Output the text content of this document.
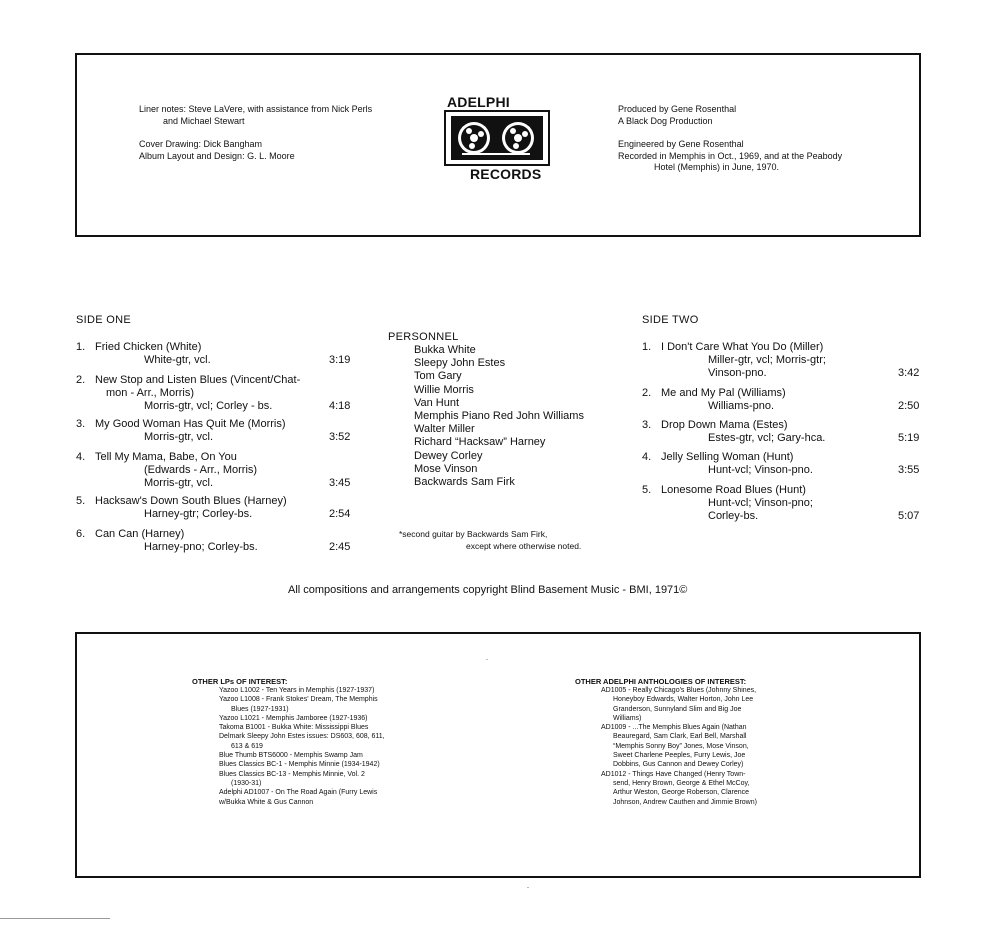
Liner notes: Steve LaVere, with assistance from Nick Perls
and Michael Stewart
Cover Drawing: Dick Bangham
Album Layout and Design: G. L. Moore
ADELPHI
RECORDS
Produced by Gene Rosenthal
A Black Dog Production
Engineered by Gene Rosenthal
Recorded in Memphis in Oct., 1969, and at the Peabody
Hotel (Memphis) in June, 1970.
SIDE ONE
1. Fried Chicken (White)
White-gtr, vcl.	3:19
2. New Stop and Listen Blues (Vincent/Chat-
mon - Arr., Morris)
Morris-gtr, vcl; Corley - bs.	4:18
3. My Good Woman Has Quit Me (Morris)
Morris-gtr, vcl.	3:52
4. Tell My Mama, Babe, On You
(Edwards - Arr., Morris)
Morris-gtr, vcl.	3:45
5. Hacksaw's Down South Blues (Harney)
Harney-gtr; Corley-bs.	2:54
6. Can Can (Harney)
Harney-pno; Corley-bs.	2:45
PERSONNEL
Bukka White
Sleepy John Estes
Tom Gary
Willie Morris
Van Hunt
Memphis Piano Red John Williams
Walter Miller
Richard “Hacksaw” Harney
Dewey Corley
Mose Vinson
Backwards Sam Firk
*second guitar by Backwards Sam Firk,
except where otherwise noted.
SIDE TWO
1. I Don't Care What You Do (Miller)
Miller-gtr, vcl; Morris-gtr;
Vinson-pno.	3:42
2. Me and My Pal (Williams)
Williams-pno.	2:50
3. Drop Down Mama (Estes)
Estes-gtr, vcl; Gary-hca.	5:19
4. Jelly Selling Woman (Hunt)
Hunt-vcl; Vinson-pno.	3:55
5. Lonesome Road Blues (Hunt)
Hunt-vcl; Vinson-pno;
Corley-bs.	5:07
All compositions and arrangements copyright Blind Basement Music - BMI, 1971©
OTHER LPs OF INTEREST:
Yazoo L1002 - Ten Years in Memphis (1927-1937)
Yazoo L1008 - Frank Stokes' Dream, The Memphis
Blues (1927-1931)
Yazoo L1021 - Memphis Jamboree (1927-1936)
Takoma B1001 - Bukka White: Mississippi Blues
Delmark Sleepy John Estes issues: DS603, 608, 611,
613 & 619
Blue Thumb BTS6000 - Memphis Swamp Jam
Blues Classics BC-1 - Memphis Minnie (1934-1942)
Blues Classics BC-13 - Memphis Minnie, Vol. 2
(1930-31)
Adelphi AD1007 - On The Road Again (Furry Lewis
w/Bukka White & Gus Cannon
OTHER ADELPHI ANTHOLOGIES OF INTEREST:
AD1005 - Really Chicago's Blues (Johnny Shines,
Honeyboy Edwards, Walter Horton, John Lee
Granderson, Sunnyland Slim and Big Joe
Williams)
AD1009 - ...The Memphis Blues Again (Nathan
Beauregard, Sam Clark, Earl Bell, Marshall
“Memphis Sonny Boy” Jones, Mose Vinson,
Sweet Charlene Peeples, Furry Lewis, Joe
Dobbins, Gus Cannon and Dewey Corley)
AD1012 - Things Have Changed (Henry Town-
send, Henry Brown, George & Ethel McCoy,
Arthur Weston, George Roberson, Clarence
Johnson, Andrew Cauthen and Jimmie Brown)
